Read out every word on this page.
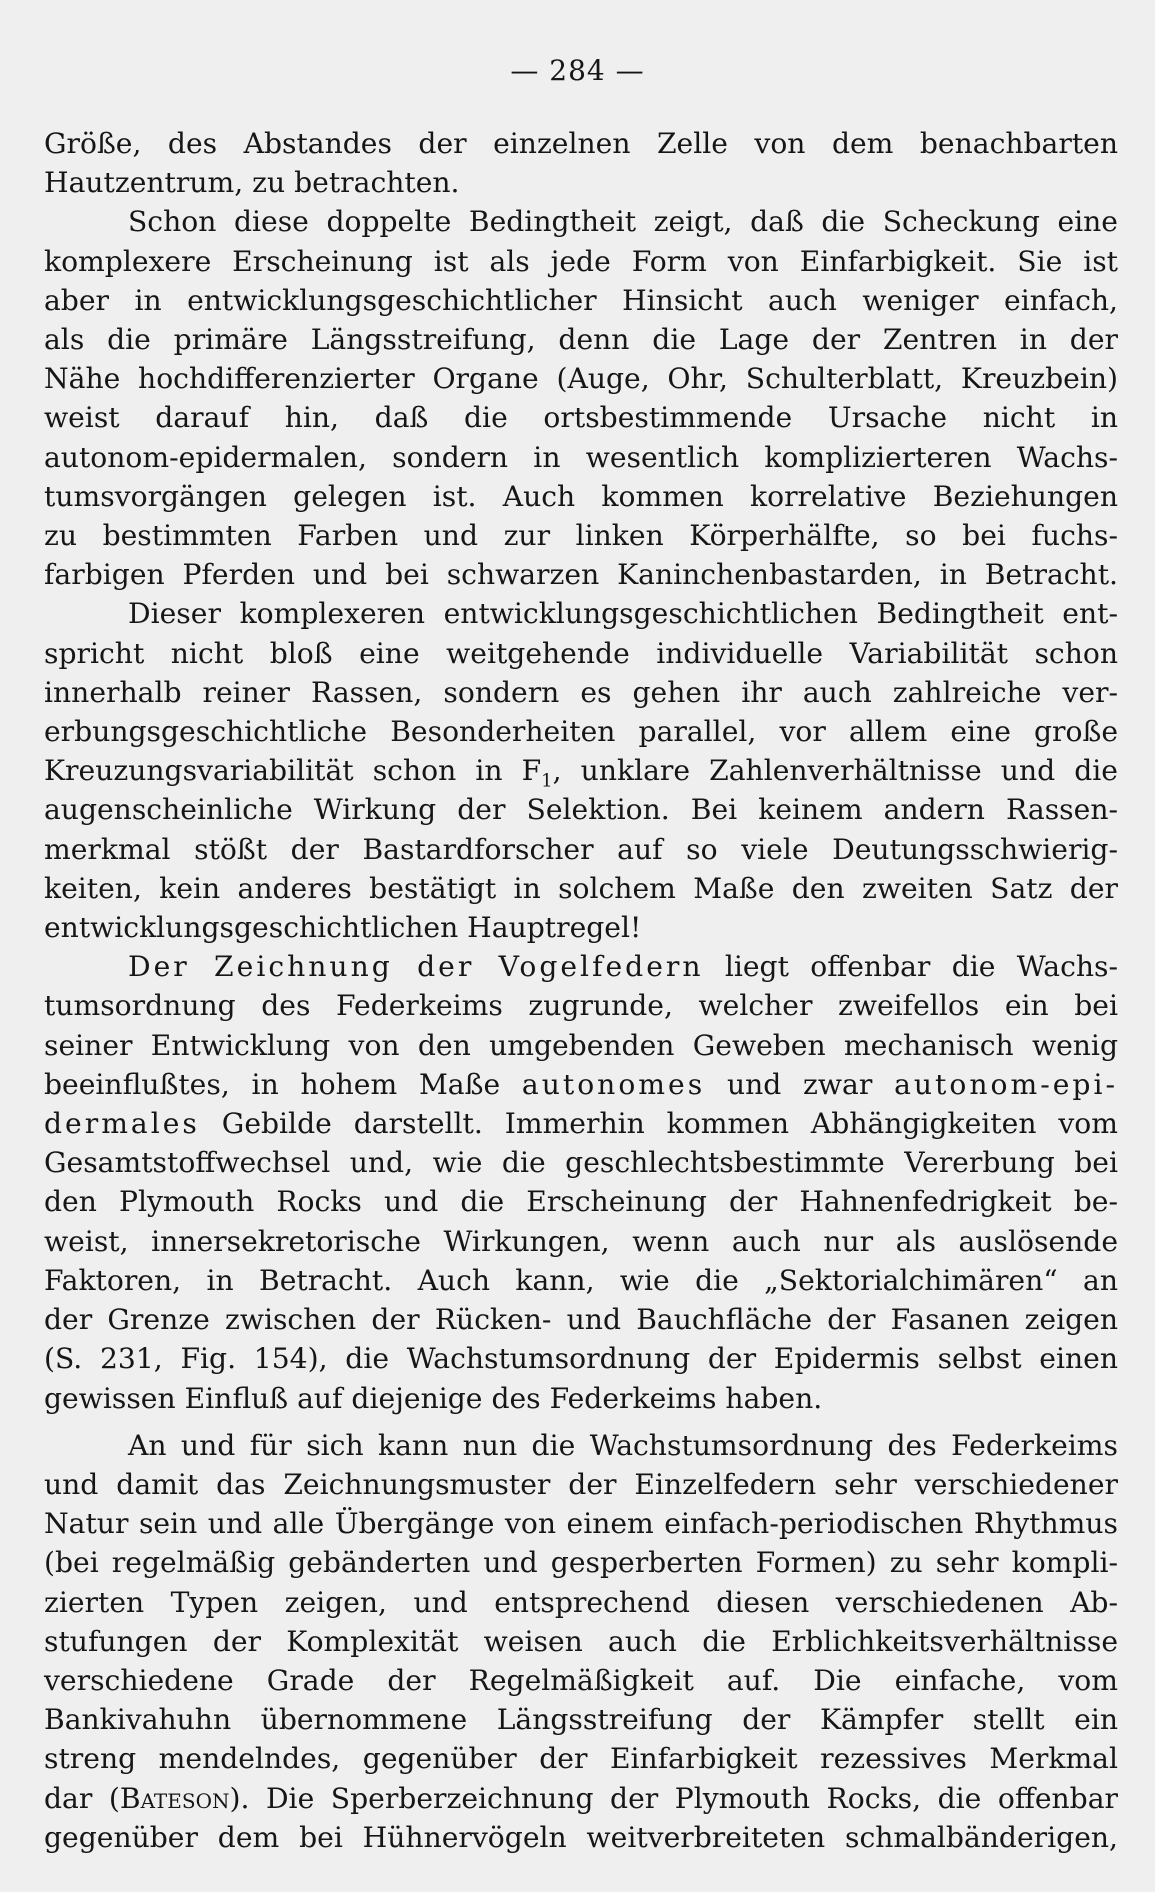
— 284 —
Größe, des Abstandes der einzelnen Zelle von dem benachbarten
Hautzentrum, zu betrachten.
Schon diese doppelte Bedingtheit zeigt, daß die Scheckung eine
komplexere Erscheinung ist als jede Form von Einfarbigkeit. Sie ist
aber in entwicklungsgeschichtlicher Hinsicht auch weniger einfach,
als die primäre Längsstreifung, denn die Lage der Zentren in der
Nähe hochdifferenzierter Organe (Auge, Ohr, Schulterblatt, Kreuzbein)
weist darauf hin, daß die ortsbestimmende Ursache nicht in
autonom-epidermalen, sondern in wesentlich komplizierteren Wachs-
tumsvorgängen gelegen ist. Auch kommen korrelative Beziehungen
zu bestimmten Farben und zur linken Körperhälfte, so bei fuchs-
farbigen Pferden und bei schwarzen Kaninchenbastarden, in Betracht.
Dieser komplexeren entwicklungsgeschichtlichen Bedingtheit ent-
spricht nicht bloß eine weitgehende individuelle Variabilität schon
innerhalb reiner Rassen, sondern es gehen ihr auch zahlreiche ver-
erbungsgeschichtliche Besonderheiten parallel, vor allem eine große
Kreuzungsvariabilität schon in $F_1$, unklare Zahlenverhältnisse und die
augenscheinliche Wirkung der Selektion. Bei keinem andern Rassen-
merkmal stößt der Bastardforscher auf so viele Deutungsschwierig-
keiten, kein anderes bestätigt in solchem Maße den zweiten Satz der
entwicklungsgeschichtlichen Hauptregel!
Der Zeichnung der Vogelfedern liegt offenbar die Wachs-
tumsordnung des Federkeims zugrunde, welcher zweifellos ein bei
seiner Entwicklung von den umgebenden Geweben mechanisch wenig
beeinflußtes, in hohem Maße autonomes und zwar autonom-epi-
dermales Gebilde darstellt. Immerhin kommen Abhängigkeiten vom
Gesamtstoffwechsel und, wie die geschlechtsbestimmte Vererbung bei
den Plymouth Rocks und die Erscheinung der Hahnenfedrigkeit be-
weist, innersekretorische Wirkungen, wenn auch nur als auslösende
Faktoren, in Betracht. Auch kann, wie die „Sektorialchimären“ an
der Grenze zwischen der Rücken- und Bauchfläche der Fasanen zeigen
(S. 231, Fig. 154), die Wachstumsordnung der Epidermis selbst einen
gewissen Einfluß auf diejenige des Federkeims haben.
An und für sich kann nun die Wachstumsordnung des Federkeims
und damit das Zeichnungsmuster der Einzelfedern sehr verschiedener
Natur sein und alle Übergänge von einem einfach-periodischen Rhythmus
(bei regelmäßig gebänderten und gesperberten Formen) zu sehr kompli-
zierten Typen zeigen, und entsprechend diesen verschiedenen Ab-
stufungen der Komplexität weisen auch die Erblichkeitsverhältnisse
verschiedene Grade der Regelmäßigkeit auf. Die einfache, vom
Bankivahuhn übernommene Längsstreifung der Kämpfer stellt ein
streng mendelndes, gegenüber der Einfarbigkeit rezessives Merkmal
dar (Bateson). Die Sperberzeichnung der Plymouth Rocks, die offenbar
gegenüber dem bei Hühnervögeln weitverbreiteten schmalbänderigen,
